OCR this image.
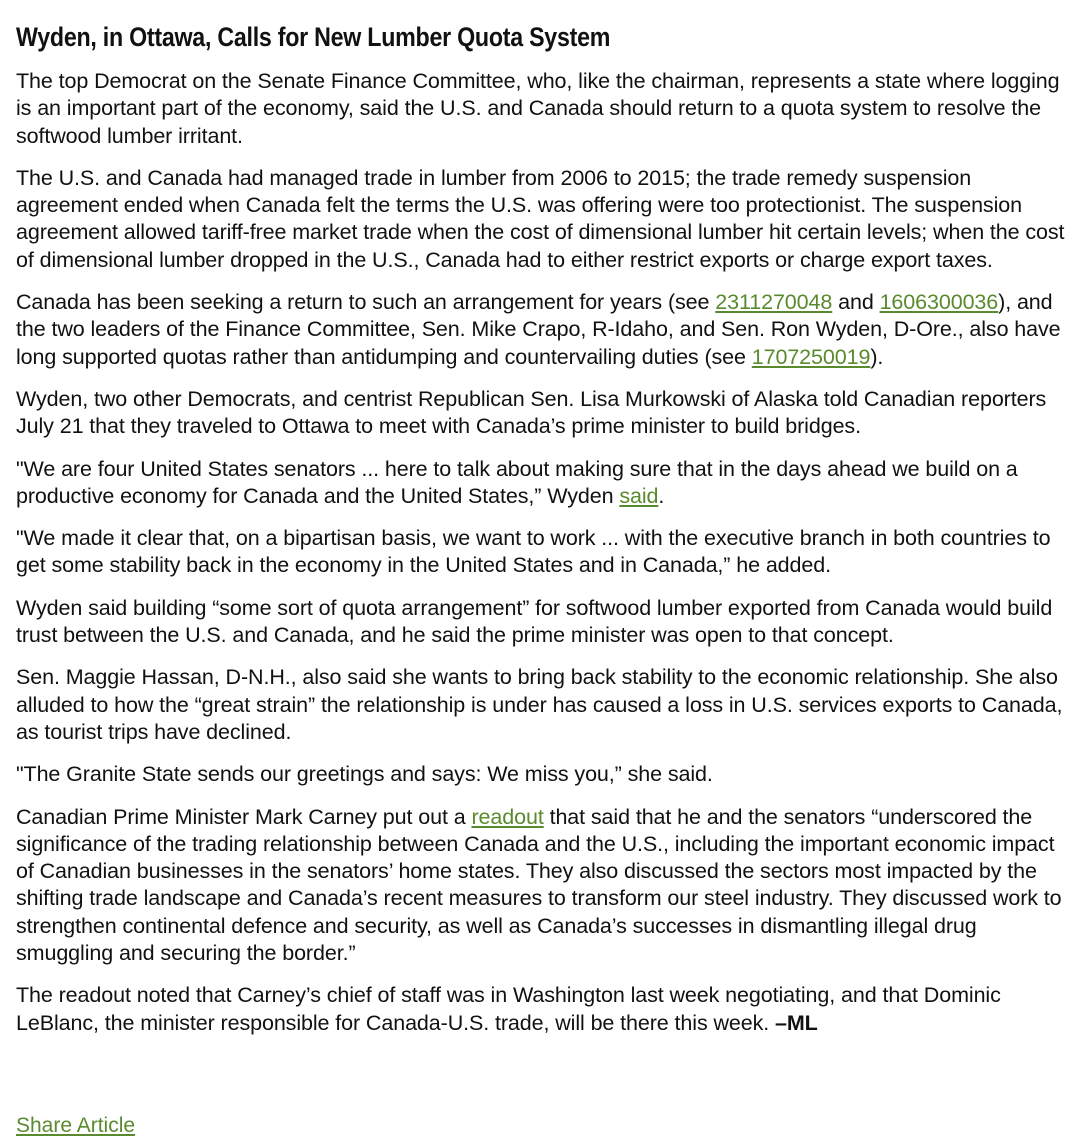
Wyden, in Ottawa, Calls for New Lumber Quota System

The top Democrat on the Senate Finance Committee, who, like the chairman, represents a state where logging is an important part of the economy, said the U.S. and Canada should return to a quota system to resolve the softwood lumber irritant.

The U.S. and Canada had managed trade in lumber from 2006 to 2015; the trade remedy suspension agreement ended when Canada felt the terms the U.S. was offering were too protectionist. The suspension agreement allowed tariff-free market trade when the cost of dimensional lumber hit certain levels; when the cost of dimensional lumber dropped in the U.S., Canada had to either restrict exports or charge export taxes.

Canada has been seeking a return to such an arrangement for years (see 2311270048 and 1606300036), and the two leaders of the Finance Committee, Sen. Mike Crapo, R-Idaho, and Sen. Ron Wyden, D-Ore., also have long supported quotas rather than antidumping and countervailing duties (see 1707250019).

Wyden, two other Democrats, and centrist Republican Sen. Lisa Murkowski of Alaska told Canadian reporters July 21 that they traveled to Ottawa to meet with Canada’s prime minister to build bridges.

"We are four United States senators ... here to talk about making sure that in the days ahead we build on a productive economy for Canada and the United States,” Wyden said.

"We made it clear that, on a bipartisan basis, we want to work ... with the executive branch in both countries to get some stability back in the economy in the United States and in Canada,” he added.

Wyden said building “some sort of quota arrangement” for softwood lumber exported from Canada would build trust between the U.S. and Canada, and he said the prime minister was open to that concept.

Sen. Maggie Hassan, D-N.H., also said she wants to bring back stability to the economic relationship. She also alluded to how the “great strain” the relationship is under has caused a loss in U.S. services exports to Canada, as tourist trips have declined.

"The Granite State sends our greetings and says: We miss you,” she said.

Canadian Prime Minister Mark Carney put out a readout that said that he and the senators “underscored the significance of the trading relationship between Canada and the U.S., including the important economic impact of Canadian businesses in the senators’ home states. They also discussed the sectors most impacted by the shifting trade landscape and Canada’s recent measures to transform our steel industry. They discussed work to strengthen continental defence and security, as well as Canada’s successes in dismantling illegal drug smuggling and securing the border.”

The readout noted that Carney’s chief of staff was in Washington last week negotiating, and that Dominic LeBlanc, the minister responsible for Canada-U.S. trade, will be there this week. –ML

Share Article
